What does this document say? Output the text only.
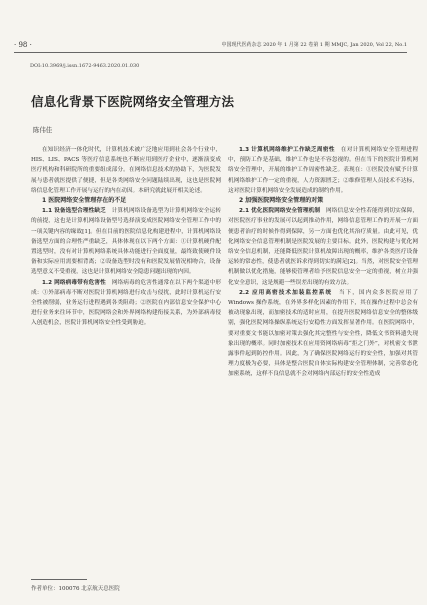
· 98 ·	中国现代医药杂志 2020 年 1 月第 22 卷第 1 期 MMJC, Jan 2020, Vol 22, No.1
DOI:10.3969/j.issn.1672-9463.2020.01.030
信息化背景下医院网络安全管理方法
陈伟佳

在知识经济一体化时代，计算机技术被广泛地应用到社会各个行业中，HIS、LIS、PACS 等医疗信息系统也不断应用到医疗企业中，逐渐演变成医疗机构和科研院所的重要组成部分。在网络信息技术的协助下，为医院发展与患者就医提供了便捷，但是各类网络安全问题陆续出现，这也是医院网络信息化管理工作开展与运行的内在动因。本研究就此展开相关论述。

1 医院网络安全管理存在的不足

1.1 设备选型合理性缺乏　 计算机网络设备选型为计算机网络安全运转的前提，这也是计算机网络设备型号选择演变成医院网络安全管理工作中的一项关键内容的缘故[1]。但在目前的医院信息化构建进程中，计算机网络设备选型方面的合理性严重缺乏，具体体现在以下两个方面：①计算机硬件配置选型时，没有对计算机网络系统具体功能进行全面度量，最终致使硬件设备和实际应用需要相背离；②设备选型时没有和医院发展情况相吻合，设备选型意义不受重视，这也是计算机网络安全隐患问题出现的内因。

1.2 网络病毒带有危害性　 网络病毒的危害性通常在以下两个渠道中形成：①外部病毒不断对医院计算机网络进行攻击与侵扰，此时计算机运行安全性被削弱，业务运行进程遇到各类阻碍；②医院在内部信息安全保护中心进行业务来往环节中，医院网络会和外界网络构建衔接关系，为外部病毒侵入创造机会，医院计算机网络安全性受到胁迫。

1.3 计算机网络维护工作缺乏周密性　 在对计算机网络安全管理进程中，预防工作是基础，维护工作也是不容忽视的。但在当下的医院计算机网络安全管理中，开展的维护工作周密性缺乏。表现在：①医院没有赋予计算机网络维护工作一定的重视，人力资源匮乏；②维修管理人员技术不达标，这对医院计算机网络安全发展造成的制约作用。

2 加强医院网络安全管理的对策

2.1 优化医院网络安全管理机制　 网络信息安全性若能得到切实保障，对医院医疗事业的发展可以起到推动作用，网络信息管理工作的开展一方面便患者治疗的时候作得到保障，另一方面也优化其治疗质量。由此可见，优化网络安全信息管理机制是医院发展的主要目标。此外，医院构建与优化网络安全信息机制，还能降低医院计算机故障出现的概率，维护各类医疗设备运转的常态性，使患者就医诉求得到切实的满足[2]。当然，对医院安全管理机制做以优化措施，能够使管理者给予医院信息安全一定的重视，树立并强化安全意识，这是规避一些误差出现的有效方法。

2.2 应用高密技术加装监控系统　 当下，国内众多医院应用了 Windows 操作系统，在外界多样化因素的作用下，其在操作过程中总会有被动现象出现，而加密技术的适时应用，在提升医院网络信息安全的整体级别，强化医院网络操纵系统运行安稳性方面发挥显著作用。在医院网络中，要对重要文书能以加密对策去强化其完整性与安全性，降低文书资料遗失现象出现的概率。同时加密技术在应用资网络病毒“拒之门外”，对机密文书泄露事件起到防控作用。因此，为了确保医院网络运行的安全性，加强对其管理力度极为必要，具体是整合医院自体实际构建安全管理体制，完善常态化加密系统，这样不良信息就不会对网络内部运行的安全性造成

作者单位：100076 北京航天总医院
